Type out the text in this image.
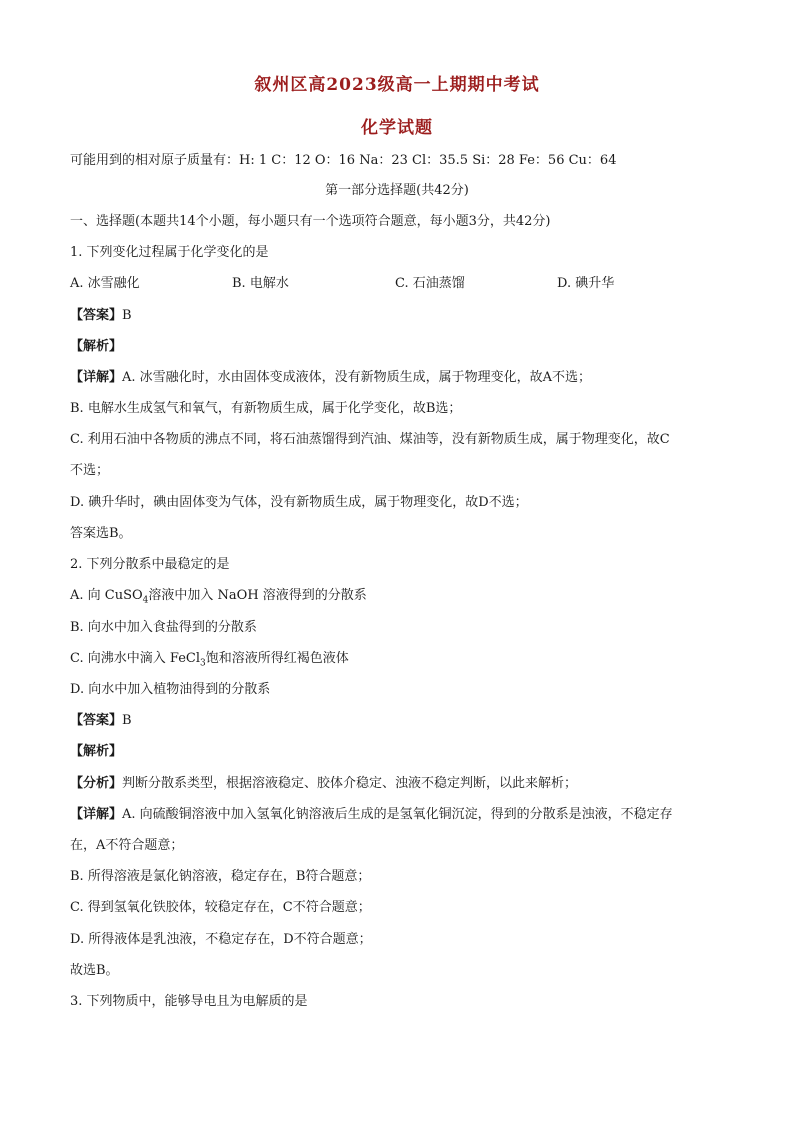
叙州区高2023级高一上期期中考试
化学试题
可能用到的相对原子质量有：H: 1 C：12 O：16 Na：23 Cl：35.5 Si：28 Fe：56 Cu：64
第一部分选择题(共42分)
一、选择题(本题共14个小题，每小题只有一个选项符合题意，每小题3分，共42分)
1. 下列变化过程属于化学变化的是
A. 冰雪融化	B. 电解水	C. 石油蒸馏	D. 碘升华
【答案】B
【解析】
【详解】A. 冰雪融化时，水由固体变成液体，没有新物质生成，属于物理变化，故A不选；
B. 电解水生成氢气和氧气，有新物质生成，属于化学变化，故B选；
C. 利用石油中各物质的沸点不同，将石油蒸馏得到汽油、煤油等，没有新物质生成，属于物理变化，故C
不选；
D. 碘升华时，碘由固体变为气体，没有新物质生成，属于物理变化，故D不选；
答案选B。
2. 下列分散系中最稳定的是
A. 向 CuSO$_4$溶液中加入 NaOH 溶液得到的分散系
B. 向水中加入食盐得到的分散系
C. 向沸水中滴入 FeCl$_3$饱和溶液所得红褐色液体
D. 向水中加入植物油得到的分散系
【答案】B
【解析】
【分析】判断分散系类型，根据溶液稳定、胶体介稳定、浊液不稳定判断，以此来解析；
【详解】A. 向硫酸铜溶液中加入氢氧化钠溶液后生成的是氢氧化铜沉淀，得到的分散系是浊液，不稳定存
在，A不符合题意；
B. 所得溶液是氯化钠溶液，稳定存在，B符合题意；
C. 得到氢氧化铁胶体，较稳定存在，C不符合题意；
D. 所得液体是乳浊液，不稳定存在，D不符合题意；
故选B。
3. 下列物质中，能够导电且为电解质的是
